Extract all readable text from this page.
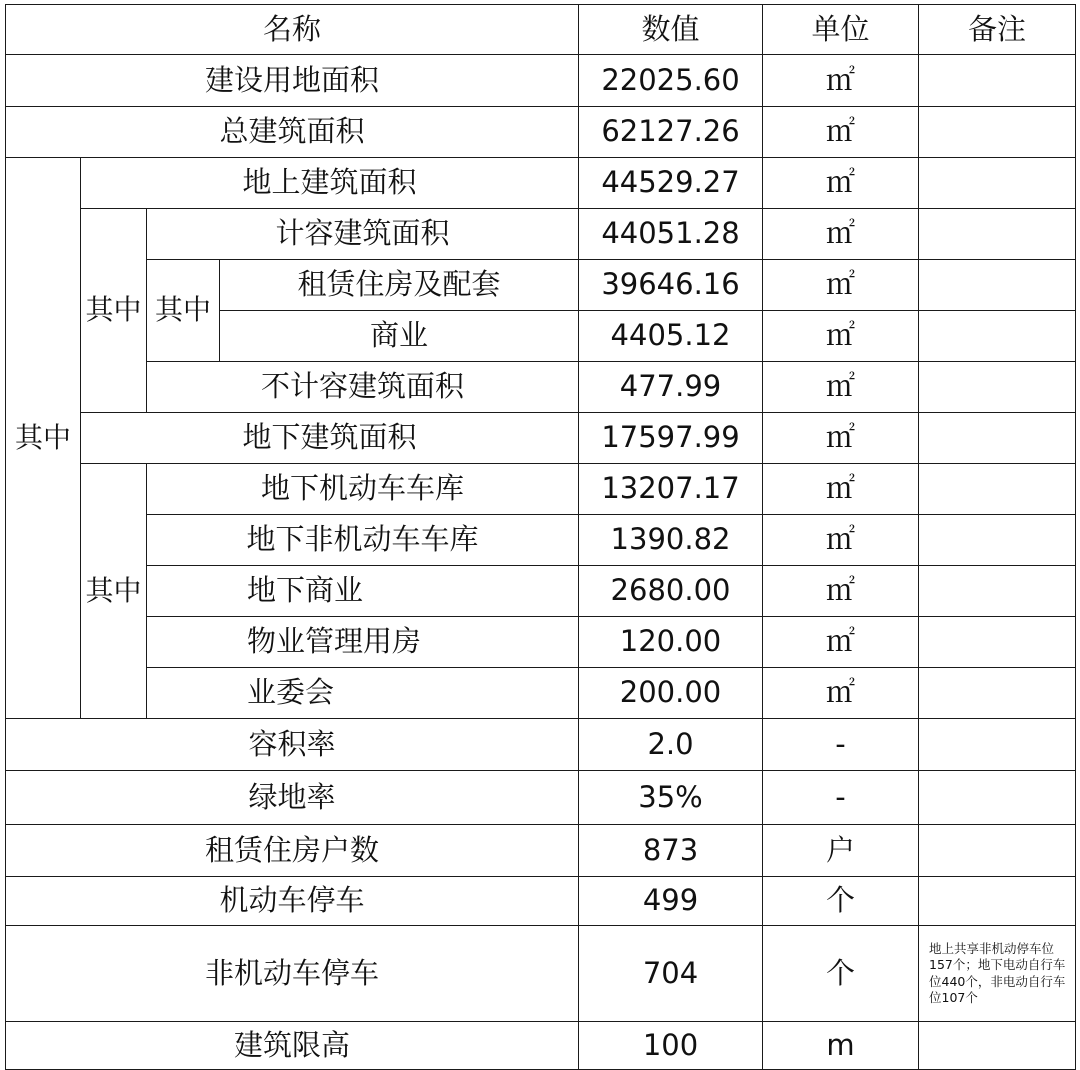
名称				数值	单位	备注
建设用地面积				22025.60	㎡	
总建筑面积				62127.26	㎡	
其中	地上建筑面积			44529.27	㎡	
	其中	计容建筑面积		44051.28	㎡	
		其中	租赁住房及配套	39646.16	㎡	
			商业	4405.12	㎡	
		不计容建筑面积		477.99	㎡	
	地下建筑面积			17597.99	㎡	
	其中	地下机动车车库		13207.17	㎡	
		地下非机动车车库		1390.82	㎡	
		地下商业		2680.00	㎡	
		物业管理用房		120.00	㎡	
		业委会		200.00	㎡	
容积率				2.0	-	
绿地率				35%	-	
租赁住房户数				873	户	
机动车停车				499	个	
非机动车停车				704	个	地上共享非机动停车位157个；地下电动自行车位440个，非电动自行车位107个
建筑限高				100	m	
